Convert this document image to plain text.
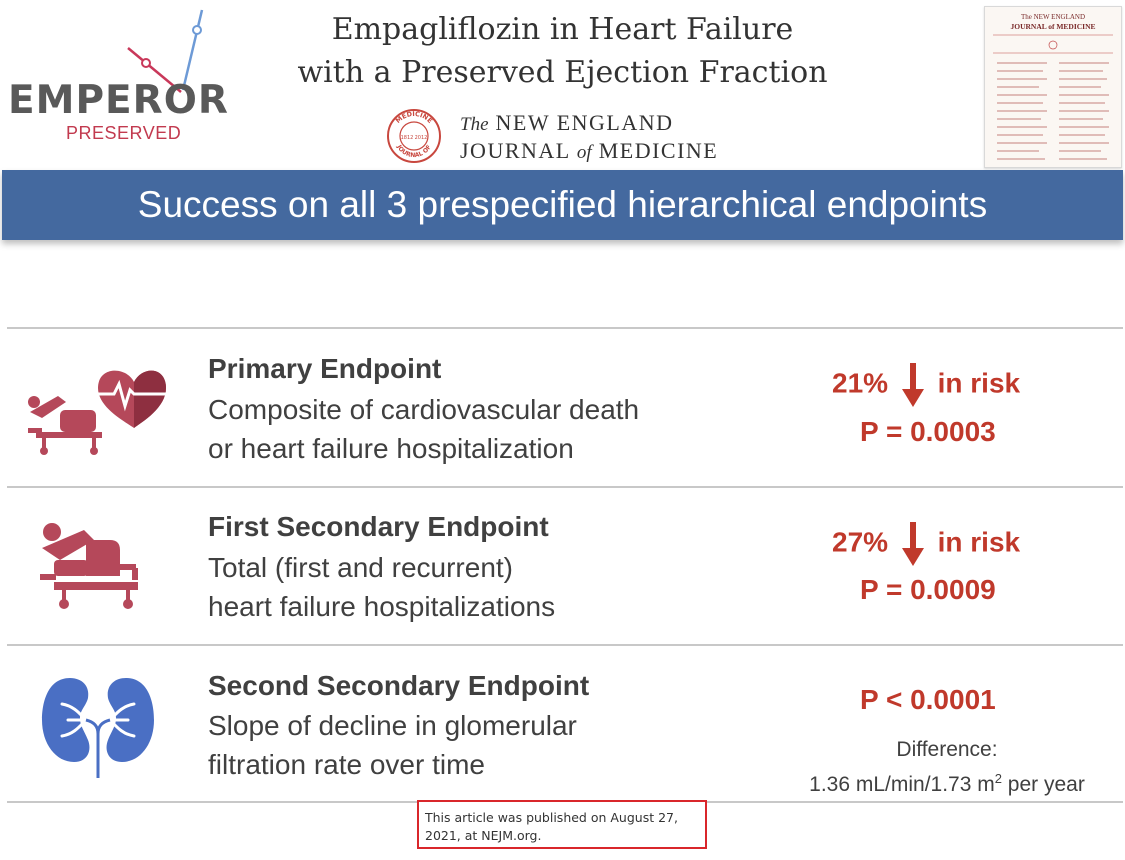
EMPEROR
PRESERVED
Empagliflozin in Heart Failure
with a Preserved Ejection Fraction
MEDICINE
JOURNAL OF
1812 2012
The NEW ENGLAND
JOURNAL of MEDICINE
The NEW ENGLAND
JOURNAL of MEDICINE
Success on all 3 prespecified hierarchical endpoints
Primary Endpoint
Composite of cardiovascular death
or heart failure hospitalization
21% in risk
P = 0.0003
First Secondary Endpoint
Total (first and recurrent)
heart failure hospitalizations
27% in risk
P = 0.0009
Second Secondary Endpoint
Slope of decline in glomerular
filtration rate over time
P < 0.0001
Difference:
1.36 mL/min/1.73 $m^2$ per year
This article was published on August 27, 2021, at NEJM.org.
